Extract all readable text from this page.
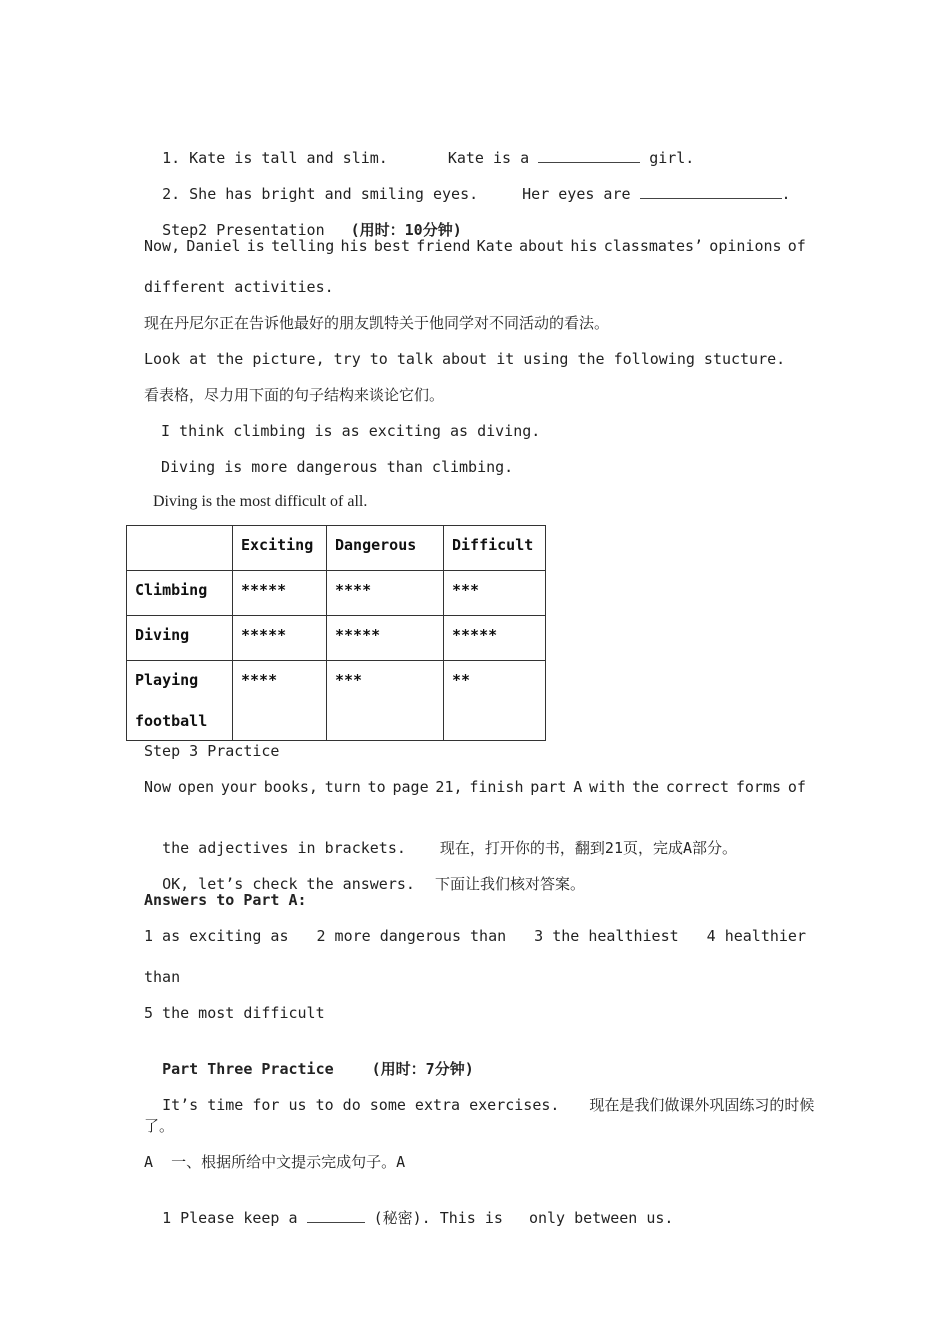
1. Kate is tall and slim.	Kate is a	girl.

2. She has bright and smiling eyes.	Her eyes are	.

Step2 Presentation (用时：10分钟)

Now, Daniel is telling his best friend Kate about his classmates’ opinions of
different activities.
现在丹尼尔正在告诉他最好的朋友凯特关于他同学对不同活动的看法。
Look at the picture, try to talk about it using the following stucture.
看表格，尽力用下面的句子结构来谈论它们。
I think climbing is as exciting as diving.
Diving is more dangerous than climbing.
Diving is the most difficult of all.
	Exciting	Dangerous	Difficult
Climbing	*****	****	***
Diving	*****	*****	*****

Playing
football	****	***	**
Step 3 Practice
Now open your books, turn to page 21, finish part A with the correct forms of

the adjectives in brackets. 现在，打开你的书，翻到21页，完成A部分。

OK, let’s check the answers. 下面让我们核对答案。

Answers to Part A:
1 as exciting as 2 more dangerous than 3 the healthiest 4 healthier
than
5 the most difficult

Part Three Practice	(用时：7分钟)

It’s time for us to do some extra exercises. 现在是我们做课外巩固练习的时候

了。
A  一、根据所给中文提示完成句子。A

1 Please keep a	(秘密). This is only between us.
